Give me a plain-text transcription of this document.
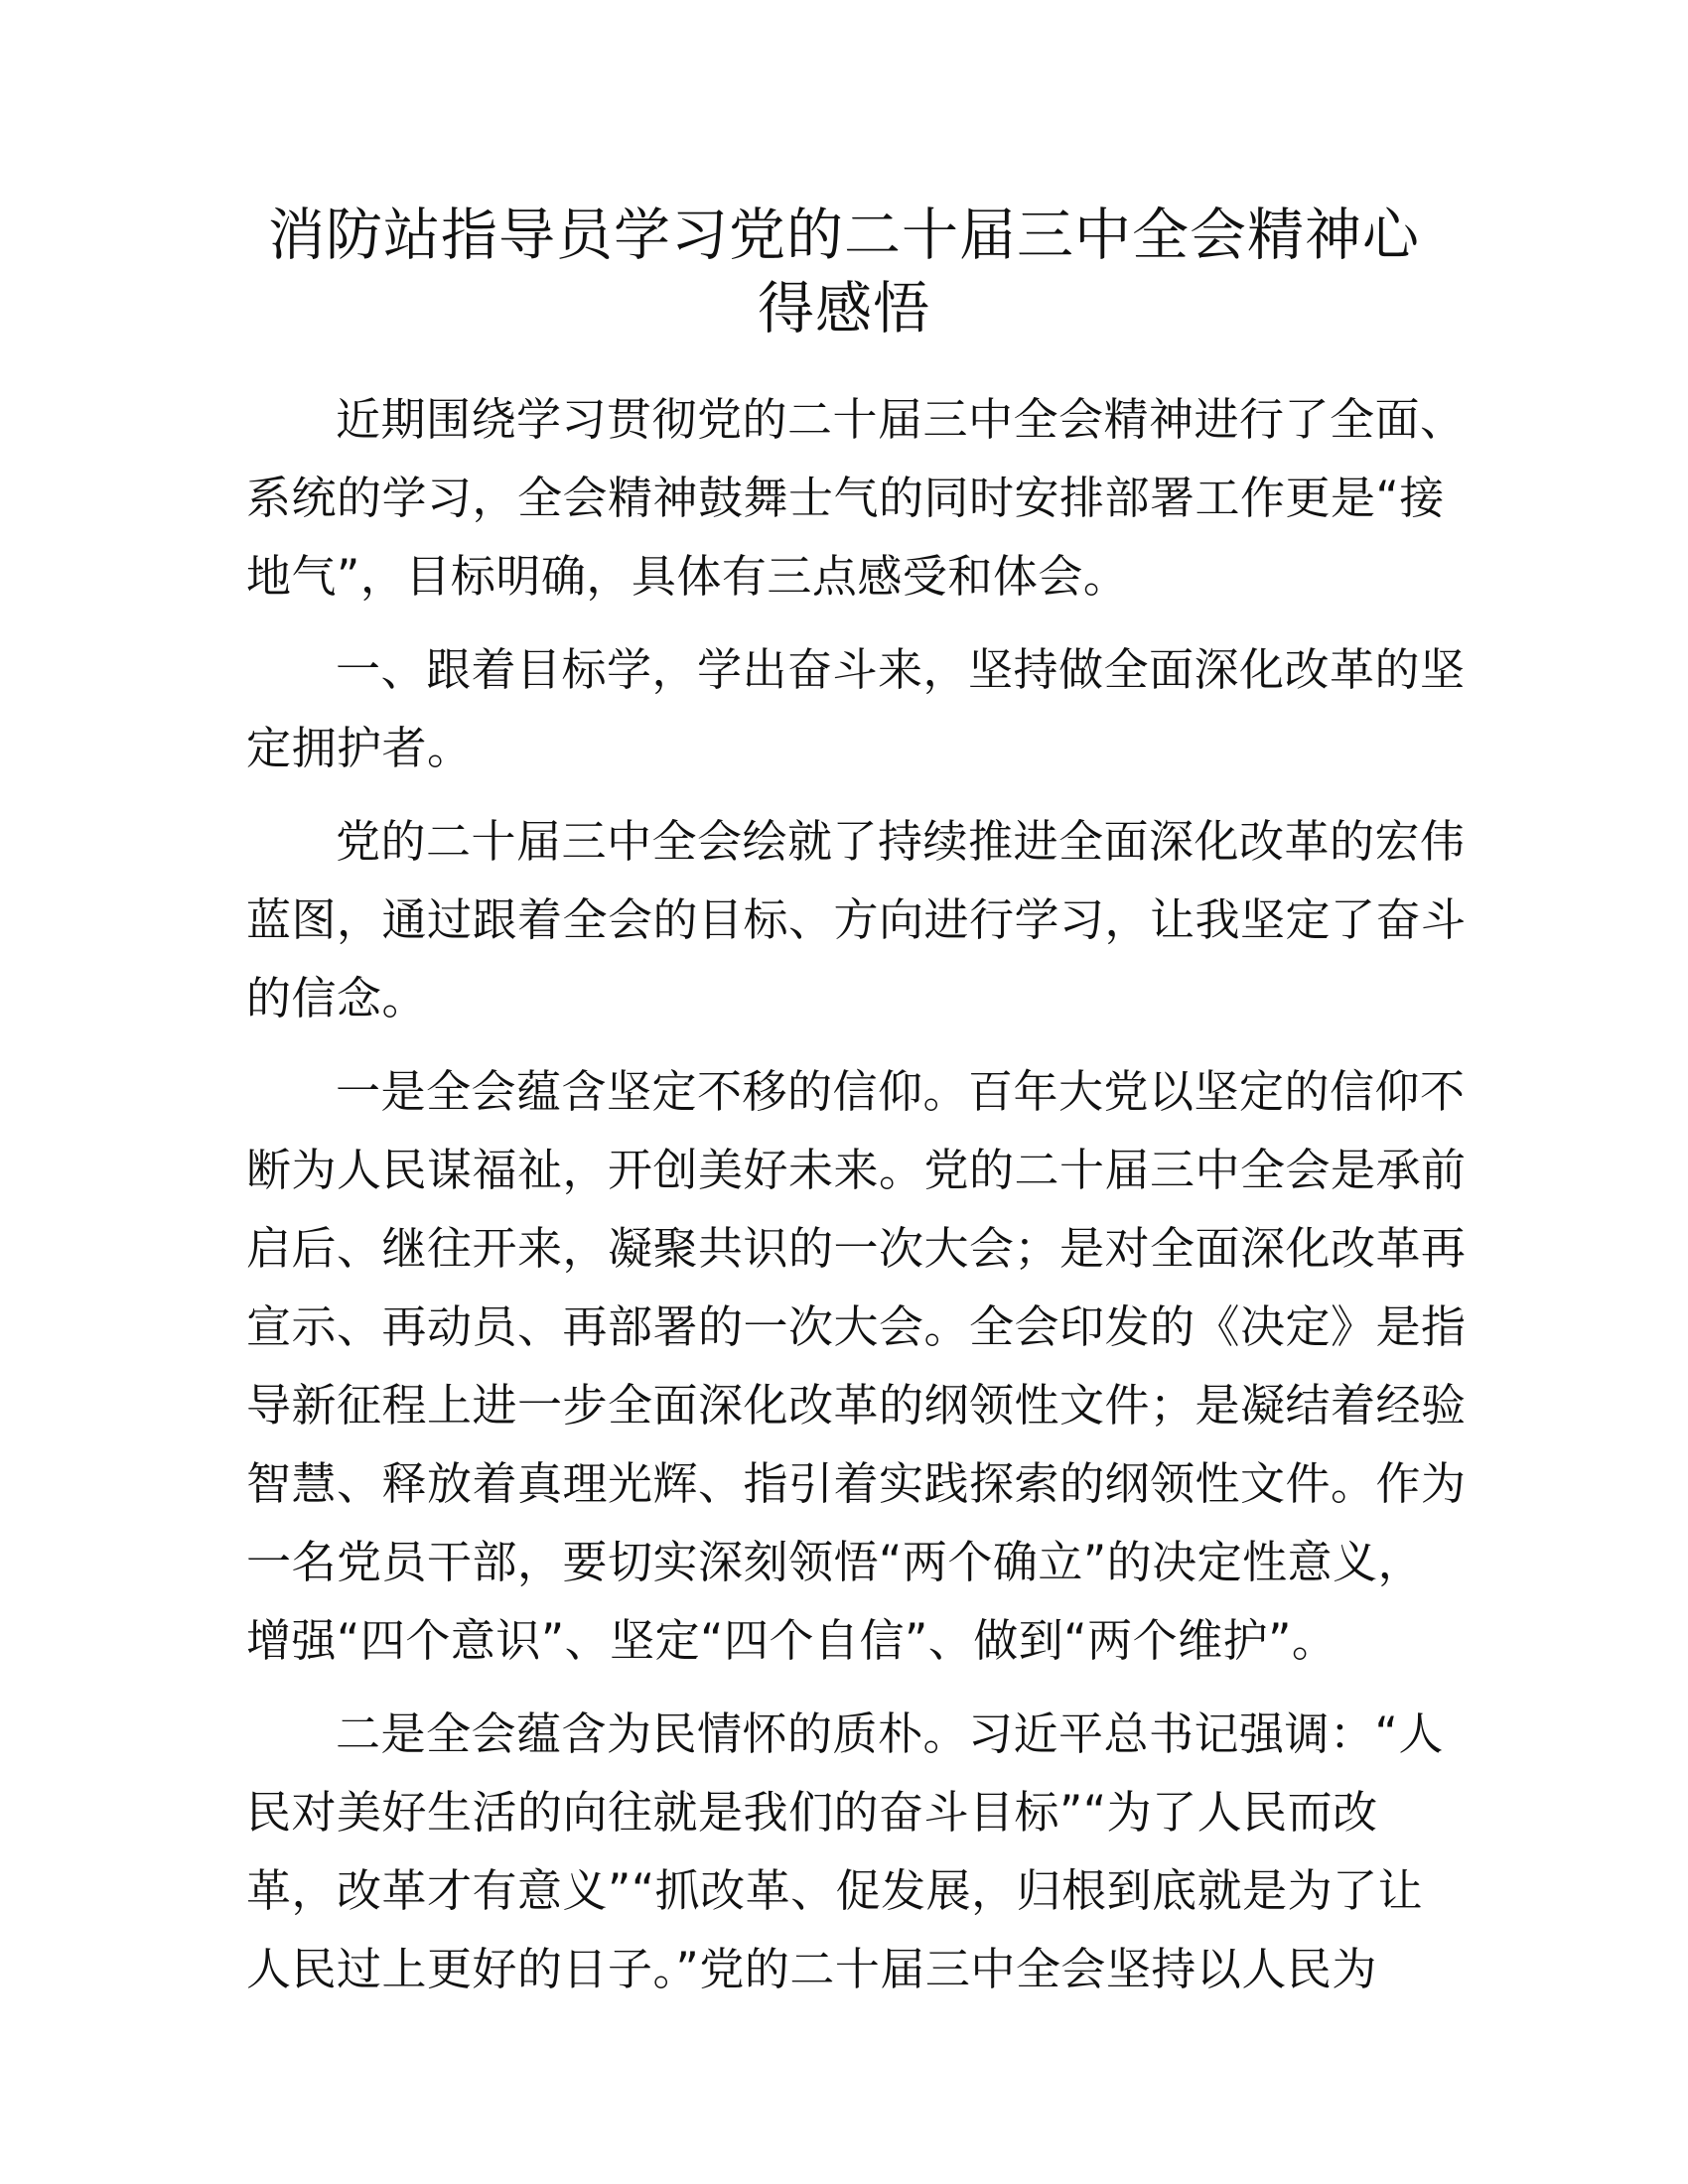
消防站指导员学习党的二十届三中全会精神心
得感悟

近期围绕学习贯彻党的二十届三中全会精神进行了全面、
系统的学习，全会精神鼓舞士气的同时安排部署工作更是“接
地气”，目标明确，具体有三点感受和体会。

一、跟着目标学，学出奋斗来，坚持做全面深化改革的坚
定拥护者。

党的二十届三中全会绘就了持续推进全面深化改革的宏伟
蓝图，通过跟着全会的目标、方向进行学习，让我坚定了奋斗
的信念。

一是全会蕴含坚定不移的信仰。百年大党以坚定的信仰不
断为人民谋福祉，开创美好未来。党的二十届三中全会是承前
启后、继往开来，凝聚共识的一次大会；是对全面深化改革再
宣示、再动员、再部署的一次大会。全会印发的《决定》是指
导新征程上进一步全面深化改革的纲领性文件；是凝结着经验
智慧、释放着真理光辉、指引着实践探索的纲领性文件。作为
一名党员干部，要切实深刻领悟“两个确立”的决定性意义，
增强“四个意识”、坚定“四个自信”、做到“两个维护”。

二是全会蕴含为民情怀的质朴。习近平总书记强调：“人
民对美好生活的向往就是我们的奋斗目标”“为了人民而改
革，改革才有意义”“抓改革、促发展，归根到底就是为了让
人民过上更好的日子。”党的二十届三中全会坚持以人民为
